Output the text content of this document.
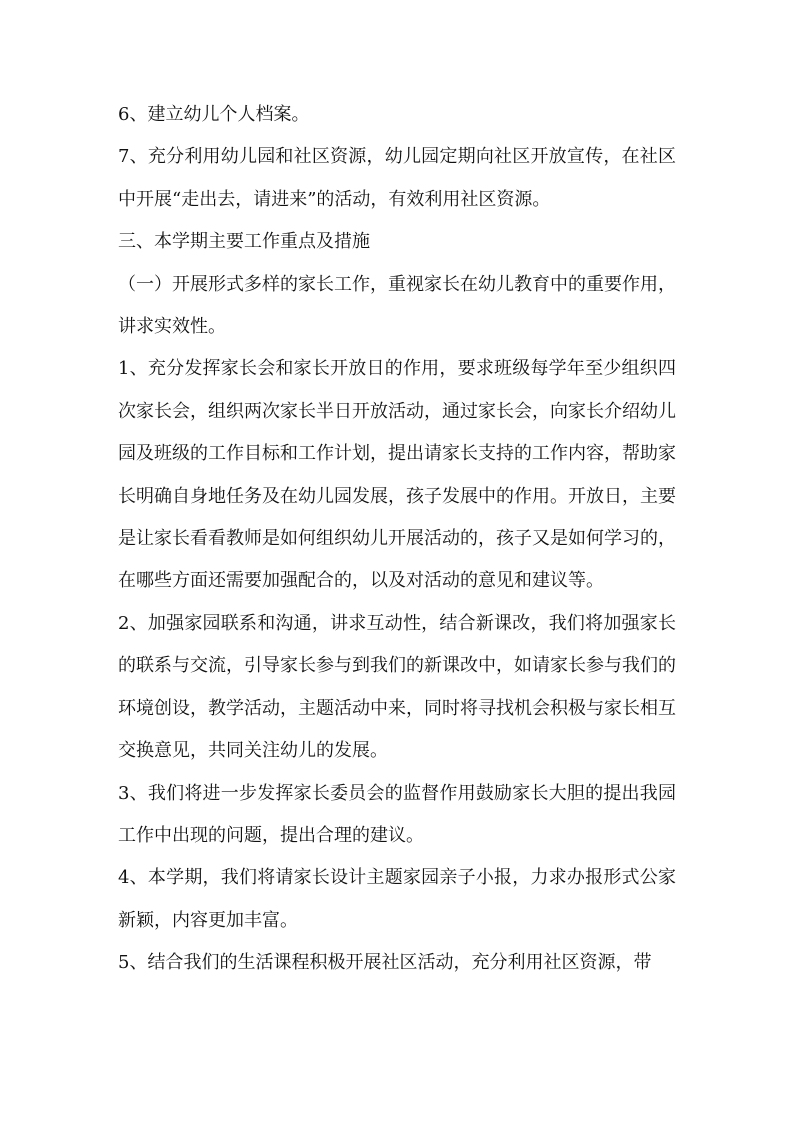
6、建立幼儿个人档案。

7、充分利用幼儿园和社区资源，幼儿园定期向社区开放宣传，在社区中开展“走出去，请进来”的活动，有效利用社区资源。

三、本学期主要工作重点及措施

（一）开展形式多样的家长工作，重视家长在幼儿教育中的重要作用，讲求实效性。

1、充分发挥家长会和家长开放日的作用，要求班级每学年至少组织四次家长会，组织两次家长半日开放活动，通过家长会，向家长介绍幼儿园及班级的工作目标和工作计划，提出请家长支持的工作内容，帮助家长明确自身地任务及在幼儿园发展，孩子发展中的作用。开放日，主要是让家长看看教师是如何组织幼儿开展活动的，孩子又是如何学习的，在哪些方面还需要加强配合的，以及对活动的意见和建议等。

2、加强家园联系和沟通，讲求互动性，结合新课改，我们将加强家长的联系与交流，引导家长参与到我们的新课改中，如请家长参与我们的环境创设，教学活动，主题活动中来，同时将寻找机会积极与家长相互交换意见，共同关注幼儿的发展。

3、我们将进一步发挥家长委员会的监督作用鼓励家长大胆的提出我园工作中出现的问题，提出合理的建议。

4、本学期，我们将请家长设计主题家园亲子小报，力求办报形式公家新颖，内容更加丰富。

5、结合我们的生活课程积极开展社区活动，充分利用社区资源，带
